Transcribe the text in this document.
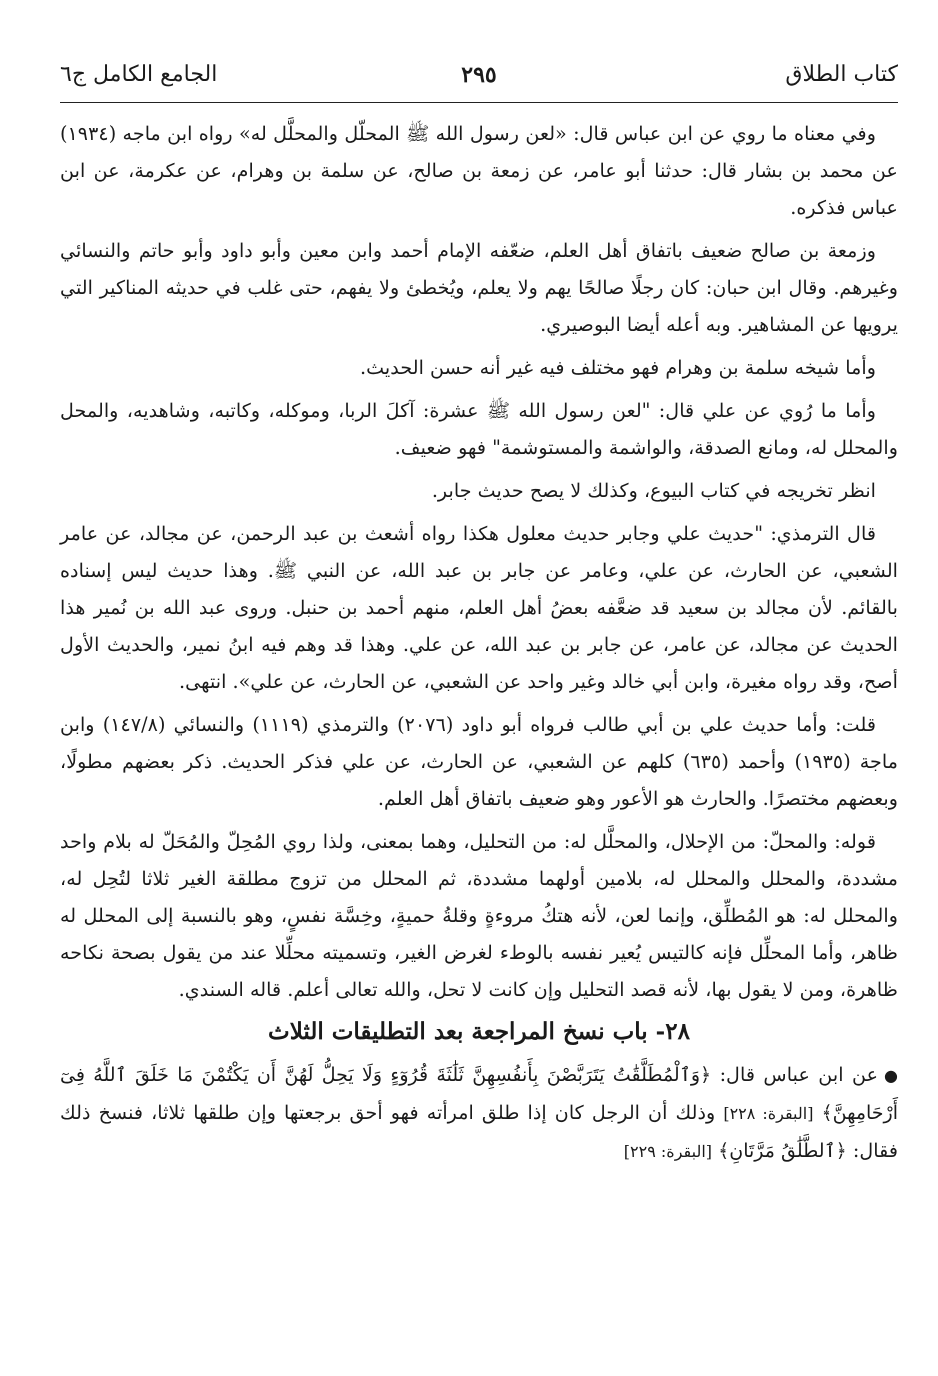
كتاب الطلاق
٢٩٥
الجامع الكامل ج٦

وفي معناه ما روي عن ابن عباس قال: «لعن رسول الله ﷺ المحلّل والمحلَّل له» رواه ابن ماجه (١٩٣٤) عن محمد بن بشار قال: حدثنا أبو عامر، عن زمعة بن صالح، عن سلمة بن وهرام، عن عكرمة، عن ابن عباس فذكره.

وزمعة بن صالح ضعيف باتفاق أهل العلم، ضعّفه الإمام أحمد وابن معين وأبو داود وأبو حاتم والنسائي وغيرهم. وقال ابن حبان: كان رجلًا صالحًا يهم ولا يعلم، ويُخطئ ولا يفهم، حتى غلب في حديثه المناكير التي يرويها عن المشاهير. وبه أعله أيضا البوصيري.

وأما شيخه سلمة بن وهرام فهو مختلف فيه غير أنه حسن الحديث.

وأما ما رُوي عن علي قال: "لعن رسول الله ﷺ عشرة: آكلَ الربا، وموكله، وكاتبه، وشاهديه، والمحل والمحلل له، ومانع الصدقة، والواشمة والمستوشمة" فهو ضعيف.

انظر تخريجه في كتاب البيوع، وكذلك لا يصح حديث جابر.

قال الترمذي: "حديث علي وجابر حديث معلول هكذا رواه أشعث بن عبد الرحمن، عن مجالد، عن عامر الشعبي، عن الحارث، عن علي، وعامر عن جابر بن عبد الله، عن النبي ﷺ. وهذا حديث ليس إسناده بالقائم. لأن مجالد بن سعيد قد ضعَّفه بعضُ أهل العلم، منهم أحمد بن حنبل. وروى عبد الله بن نُمير هذا الحديث عن مجالد، عن عامر، عن جابر بن عبد الله، عن علي. وهذا قد وهم فيه ابنُ نمير، والحديث الأول أصح، وقد رواه مغيرة، وابن أبي خالد وغير واحد عن الشعبي، عن الحارث، عن علي». انتهى.

قلت: وأما حديث علي بن أبي طالب فرواه أبو داود (٢٠٧٦) والترمذي (١١١٩) والنسائي (١٤٧/٨) وابن ماجة (١٩٣٥) وأحمد (٦٣٥) كلهم عن الشعبي، عن الحارث، عن علي فذكر الحديث. ذكر بعضهم مطولًا، وبعضهم مختصرًا. والحارث هو الأعور وهو ضعيف باتفاق أهل العلم.

قوله: والمحلّ: من الإحلال، والمحلَّل له: من التحليل، وهما بمعنى، ولذا روي المُحِلّ والمُحَلّ له بلام واحد مشددة، والمحلل والمحلل له، بلامين أولهما مشددة، ثم المحلل من تزوج مطلقة الغير ثلاثا لتُحِل له، والمحلل له: هو المُطلِّق، وإنما لعن، لأنه هتكُ مروءةٍ وقلةُ حميةٍ، وخِسَّة نفسٍ، وهو بالنسبة إلى المحلل له ظاهر، وأما المحلِّل فإنه كالتيس يُعير نفسه بالوطء لغرض الغير، وتسميته محلِّلا عند من يقول بصحة نكاحه ظاهرة، ومن لا يقول بها، لأنه قصد التحليل وإن كانت لا تحل، والله تعالى أعلم. قاله السندي.

٢٨- باب نسخ المراجعة بعد التطليقات الثلاث

●عن ابن عباس قال: ﴿وَٱلْمُطَلَّقَٰتُ يَتَرَبَّصْنَ بِأَنفُسِهِنَّ ثَلَٰثَةَ قُرُوٓءٍ وَلَا يَحِلُّ لَهُنَّ أَن يَكْتُمْنَ مَا خَلَقَ ٱللَّهُ فِىٓ أَرْحَامِهِنَّ﴾ [البقرة: ٢٢٨] وذلك أن الرجل كان إذا طلق امرأته فهو أحق برجعتها وإن طلقها ثلاثا، فنسخ ذلك فقال: ﴿ٱلطَّلَٰقُ مَرَّتَانِ﴾ [البقرة: ٢٢٩]
